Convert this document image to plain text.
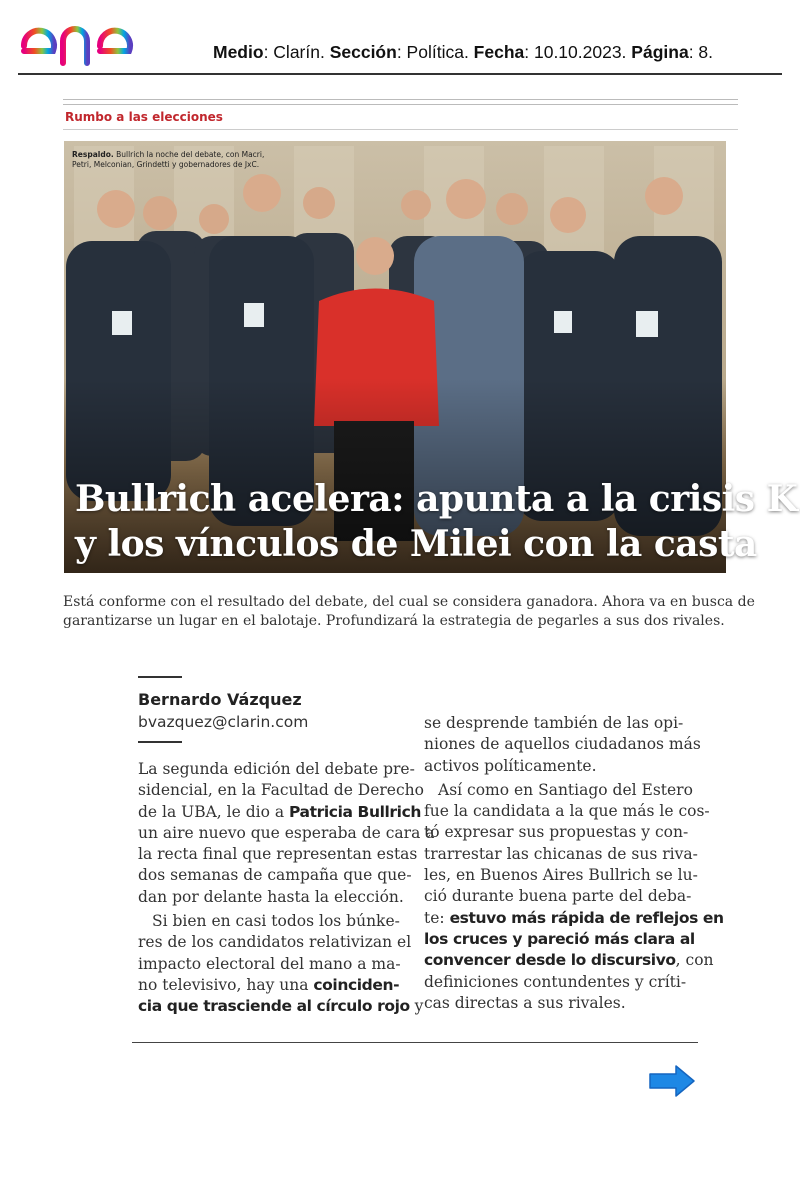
Medio: Clarín. Sección: Política. Fecha: 10.10.2023. Página: 8.
Rumbo a las elecciones
Respaldo. Bullrich la noche del debate, con Macri,
Petri, Melconian, Grindetti y gobernadores de JxC.
Bullrich acelera: apunta a la crisis K
y los vínculos de Milei con la casta
Está conforme con el resultado del debate, del cual se considera ganadora. Ahora va en busca de
garantizarse un lugar en el balotaje. Profundizará la estrategia de pegarles a sus dos rivales.
Bernardo Vázquez
bvazquez@clarin.com
La segunda edición del debate pre-
sidencial, en la Facultad de Derecho
de la UBA, le dio a Patricia Bullrich
un aire nuevo que esperaba de cara a
la recta final que representan estas
dos semanas de campaña que que-
dan por delante hasta la elección.
Si bien en casi todos los búnke-
res de los candidatos relativizan el
impacto electoral del mano a ma-
no televisivo, hay una coinciden-
cia que trasciende al círculo rojo y
se desprende también de las opi-
niones de aquellos ciudadanos más
activos políticamente.
Así como en Santiago del Estero
fue la candidata a la que más le cos-
tó expresar sus propuestas y con-
trarrestar las chicanas de sus riva-
les, en Buenos Aires Bullrich se lu-
ció durante buena parte del deba-
te: estuvo más rápida de reflejos en
los cruces y pareció más clara al
convencer desde lo discursivo, con
definiciones contundentes y críti-
cas directas a sus rivales.
